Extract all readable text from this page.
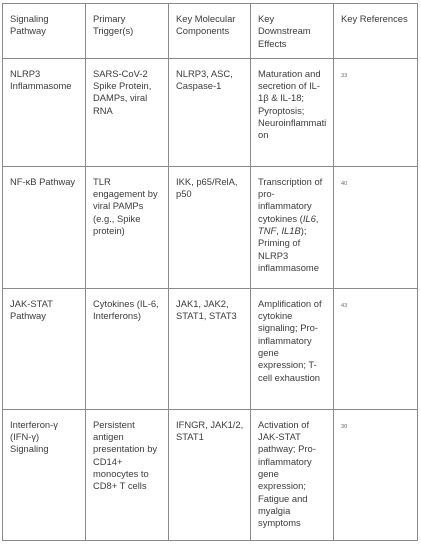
Signaling Pathway	Primary Trigger(s)	Key Molecular Components	Key Downstream Effects	Key References
NLRP3 Inflammasome	SARS-CoV-2 Spike Protein, DAMPs, viral RNA	NLRP3, ASC, Caspase-1	Maturation and secretion of IL-1β & IL-18; Pyroptosis; Neuroinflammation	33
NF-κB Pathway	TLR engagement by viral PAMPs (e.g., Spike protein)	IKK, p65/RelA, p50	Transcription of pro-inflammatory cytokines (IL6, TNF, IL1B); Priming of NLRP3 inflammasome	40
JAK-STAT Pathway	Cytokines (IL-6, Interferons)	JAK1, JAK2, STAT1, STAT3	Amplification of cytokine signaling; Pro-inflammatory gene expression; T-cell exhaustion	43
Interferon-γ (IFN-γ) Signaling	Persistent antigen presentation by CD14+ monocytes to CD8+ T cells	IFNGR, JAK1/2, STAT1	Activation of JAK-STAT pathway; Pro-inflammatory gene expression; Fatigue and myalgia symptoms	30
